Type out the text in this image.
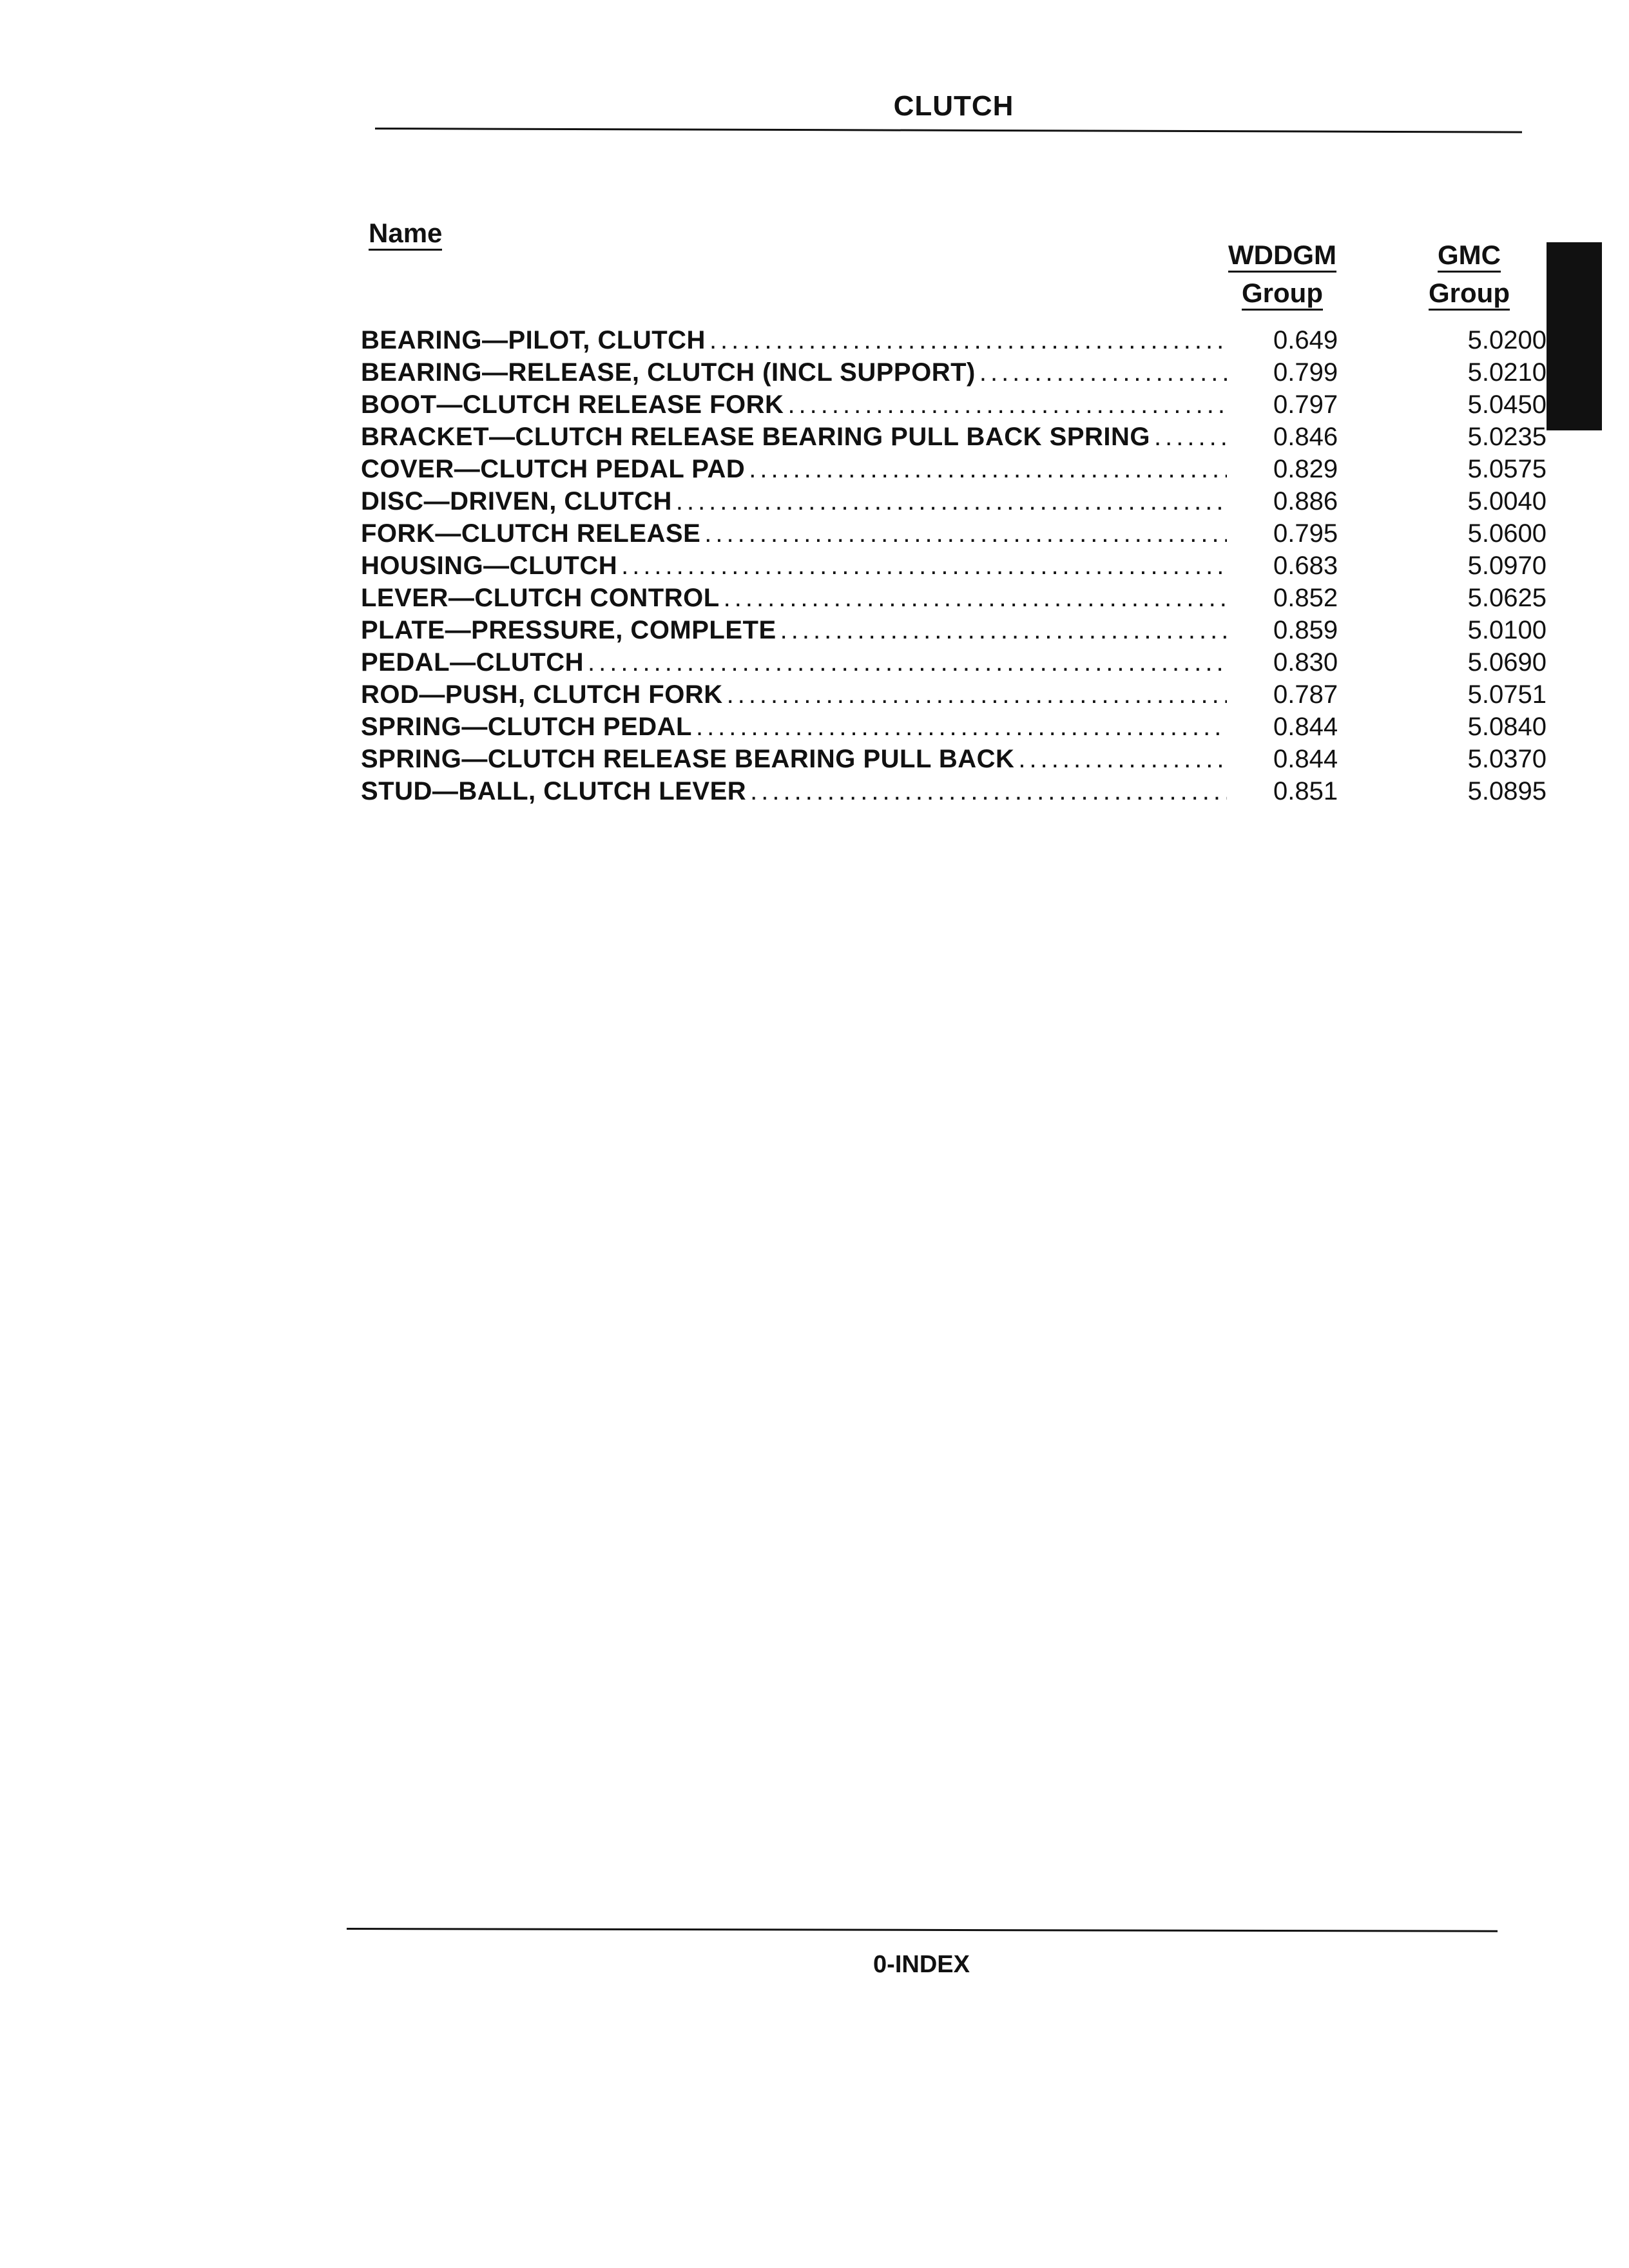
CLUTCH
Name
WDDGM
Group
GMC
Group
BEARING—PILOT, CLUTCH .....	0.649	5.0200
BEARING—RELEASE, CLUTCH (INCL SUPPORT) .....	0.799	5.0210
BOOT—CLUTCH RELEASE FORK .....	0.797	5.0450
BRACKET—CLUTCH RELEASE BEARING PULL BACK SPRING .....	0.846	5.0235
COVER—CLUTCH PEDAL PAD .....	0.829	5.0575
DISC—DRIVEN, CLUTCH .....	0.886	5.0040
FORK—CLUTCH RELEASE .....	0.795	5.0600
HOUSING—CLUTCH .....	0.683	5.0970
LEVER—CLUTCH CONTROL .....	0.852	5.0625
PLATE—PRESSURE, COMPLETE .....	0.859	5.0100
PEDAL—CLUTCH .....	0.830	5.0690
ROD—PUSH, CLUTCH FORK .....	0.787	5.0751
SPRING—CLUTCH PEDAL .....	0.844	5.0840
SPRING—CLUTCH RELEASE BEARING PULL BACK .....	0.844	5.0370
STUD—BALL, CLUTCH LEVER .....	0.851	5.0895
0-INDEX
